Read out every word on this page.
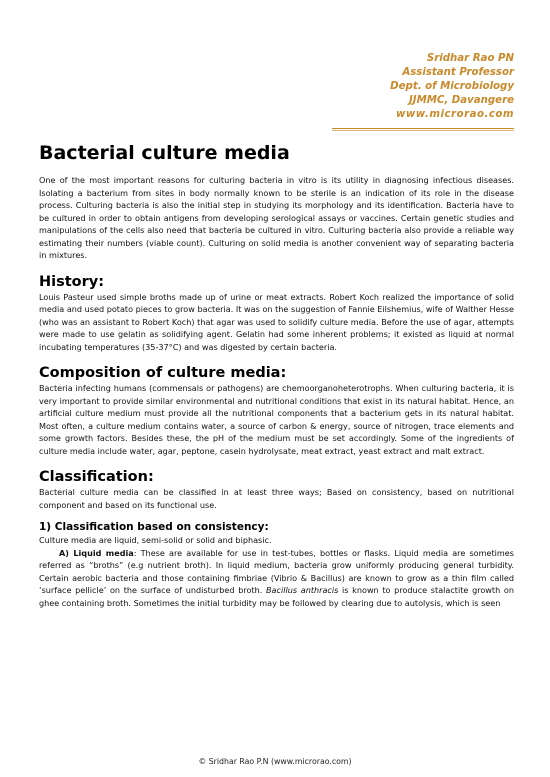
Sridhar Rao PN
Assistant Professor
Dept. of Microbiology
JJMMC, Davangere
www.microrao.com
Bacterial culture media

One of the most important reasons for culturing bacteria in vitro is its utility in diagnosing infectious diseases. Isolating a bacterium from sites in body normally known to be sterile is an indication of its role in the disease process. Culturing bacteria is also the initial step in studying its morphology and its identification. Bacteria have to be cultured in order to obtain antigens from developing serological assays or vaccines. Certain genetic studies and manipulations of the cells also need that bacteria be cultured in vitro. Culturing bacteria also provide a reliable way estimating their numbers (viable count). Culturing on solid media is another convenient way of separating bacteria in mixtures.

History:

Louis Pasteur used simple broths made up of urine or meat extracts. Robert Koch realized the importance of solid media and used potato pieces to grow bacteria. It was on the suggestion of Fannie Eilshemius, wife of Walther Hesse (who was an assistant to Robert Koch) that agar was used to solidify culture media. Before the use of agar, attempts were made to use gelatin as solidifying agent. Gelatin had some inherent problems; it existed as liquid at normal incubating temperatures (35-37°C) and was digested by certain bacteria.

Composition of culture media:

Bacteria infecting humans (commensals or pathogens) are chemoorganoheterotrophs. When culturing bacteria, it is very important to provide similar environmental and nutritional conditions that exist in its natural habitat. Hence, an artificial culture medium must provide all the nutritional components that a bacterium gets in its natural habitat. Most often, a culture medium contains water, a source of carbon & energy, source of nitrogen, trace elements and some growth factors. Besides these, the pH of the medium must be set accordingly. Some of the ingredients of culture media include water, agar, peptone, casein hydrolysate, meat extract, yeast extract and malt extract.

Classification:

Bacterial culture media can be classified in at least three ways; Based on consistency, based on nutritional component and based on its functional use.

1) Classification based on consistency:

Culture media are liquid, semi-solid or solid and biphasic.

A) Liquid media: These are available for use in test-tubes, bottles or flasks. Liquid media are sometimes referred as “broths” (e.g nutrient broth). In liquid medium, bacteria grow uniformly producing general turbidity. Certain aerobic bacteria and those containing fimbriae (Vibrio & Bacillus) are known to grow as a thin film called ‘surface pellicle’ on the surface of undisturbed broth. Bacillus anthracis is known to produce stalactite growth on ghee containing broth. Sometimes the initial turbidity may be followed by clearing due to autolysis, which is seen

© Sridhar Rao P.N (www.microrao.com)
